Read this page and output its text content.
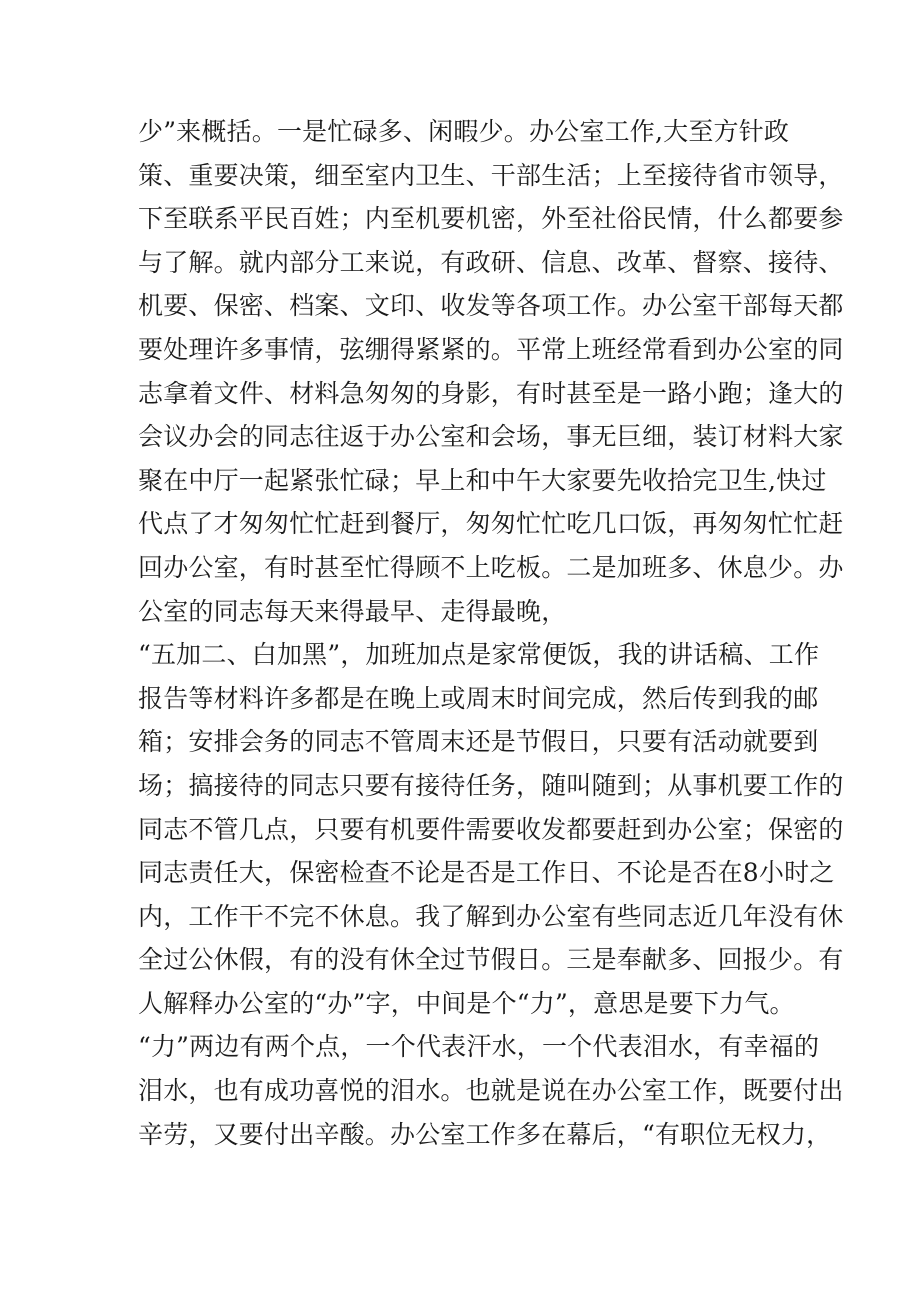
少”来概括。一是忙碌多、闲暇少。办公室工作,大至方针政
策、重要决策，细至室内卫生、干部生活；上至接待省市领导，
下至联系平民百姓；内至机要机密，外至社俗民情，什么都要参
与了解。就内部分工来说，有政研、信息、改革、督察、接待、
机要、保密、档案、文印、收发等各项工作。办公室干部每天都
要处理许多事情，弦绷得紧紧的。平常上班经常看到办公室的同
志拿着文件、材料急匆匆的身影，有时甚至是一路小跑；逢大的
会议办会的同志往返于办公室和会场，事无巨细，装订材料大家
聚在中厅一起紧张忙碌；早上和中午大家要先收拾完卫生,快过
代点了才匆匆忙忙赶到餐厅，匆匆忙忙吃几口饭，再匆匆忙忙赶
回办公室，有时甚至忙得顾不上吃板。二是加班多、休息少。办
公室的同志每天来得最早、走得最晚，
“五加二、白加黑”，加班加点是家常便饭，我的讲话稿、工作
报告等材料许多都是在晚上或周末时间完成，然后传到我的邮
箱；安排会务的同志不管周末还是节假日，只要有活动就要到
场；搞接待的同志只要有接待任务，随叫随到；从事机要工作的
同志不管几点，只要有机要件需要收发都要赶到办公室；保密的
同志责任大，保密检查不论是否是工作日、不论是否在8小时之
内，工作干不完不休息。我了解到办公室有些同志近几年没有休
全过公休假，有的没有休全过节假日。三是奉献多、回报少。有
人解释办公室的“办”字，中间是个“力”，意思是要下力气。
“力”两边有两个点，一个代表汗水，一个代表泪水，有幸福的
泪水，也有成功喜悦的泪水。也就是说在办公室工作，既要付出
辛劳，又要付出辛酸。办公室工作多在幕后，“有职位无权力，
